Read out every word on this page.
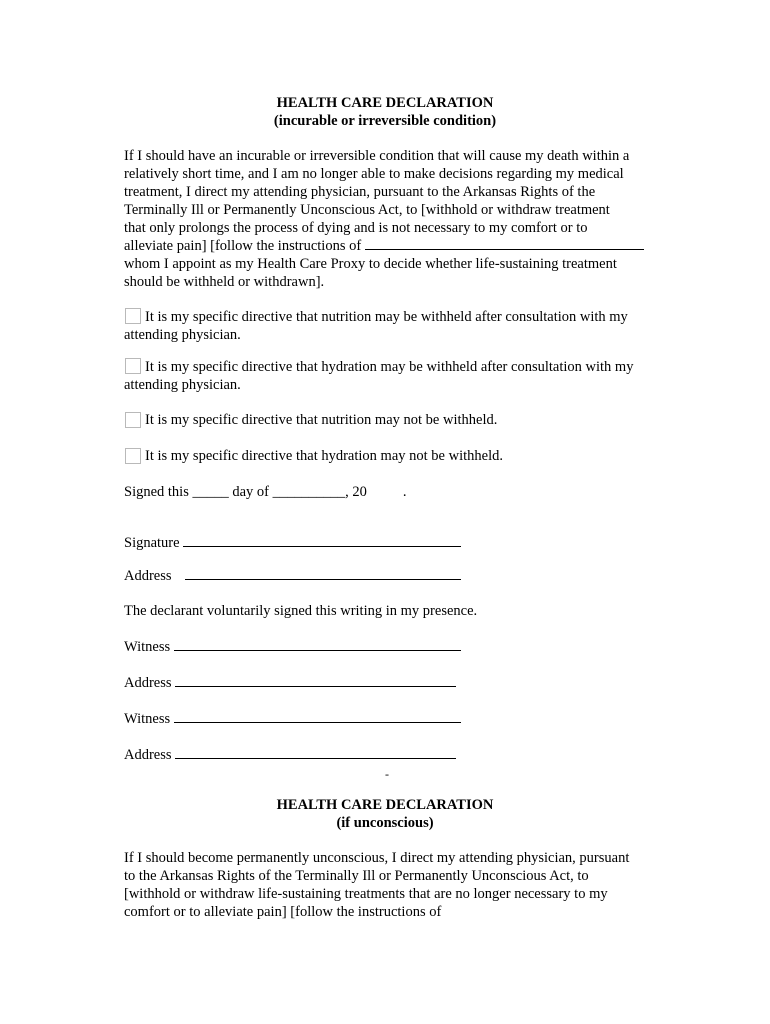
HEALTH CARE DECLARATION
(incurable or irreversible condition)
If I should have an incurable or irreversible condition that will cause my death within a
relatively short time, and I am no longer able to make decisions regarding my medical
treatment, I direct my attending physician, pursuant to the Arkansas Rights of the
Terminally Ill or Permanently Unconscious Act, to [withhold or withdraw treatment
that only prolongs the process of dying and is not necessary to my comfort or to
alleviate pain] [follow the instructions of
whom I appoint as my Health Care Proxy to decide whether life-sustaining treatment
should be withheld or withdrawn].
It is my specific directive that nutrition may be withheld after consultation with my
attending physician.
It is my specific directive that hydration may be withheld after consultation with my
attending physician.
It is my specific directive that nutrition may not be withheld.
It is my specific directive that hydration may not be withheld.
Signed this _____ day of __________, 20 .
Signature
Address
The declarant voluntarily signed this writing in my presence.
Witness
Address
Witness
Address
-
HEALTH CARE DECLARATION
(if unconscious)
If I should become permanently unconscious, I direct my attending physician, pursuant
to the Arkansas Rights of the Terminally Ill or Permanently Unconscious Act, to
[withhold or withdraw life-sustaining treatments that are no longer necessary to my
comfort or to alleviate pain] [follow the instructions of
